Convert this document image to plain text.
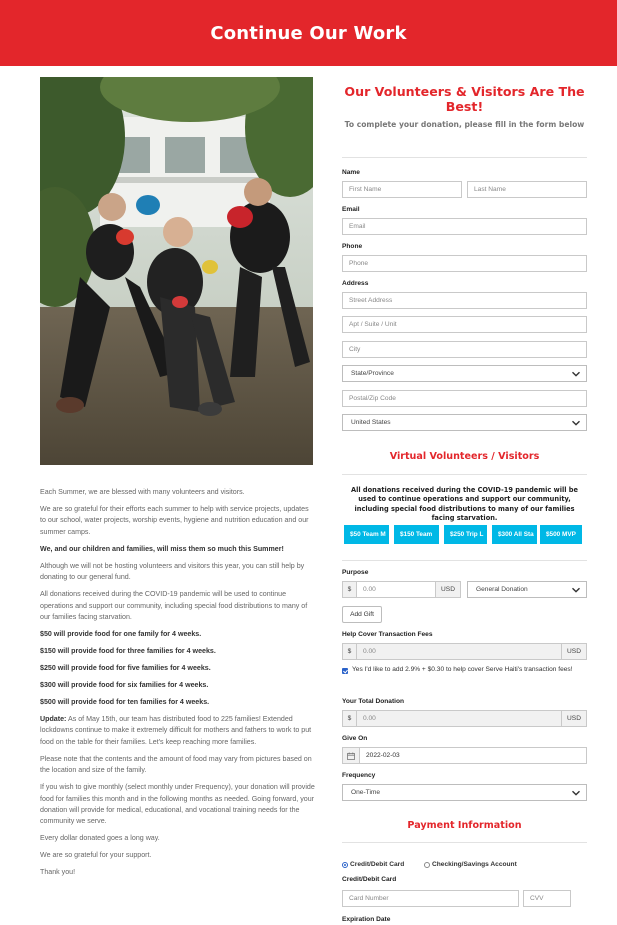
Continue Our Work

Each Summer, we are blessed with many volunteers and visitors.

We are so grateful for their efforts each summer to help with service projects, updates to our school, water projects, worship events, hygiene and nutrition education and our summer camps.

We, and our children and families, will miss them so much this Summer!

Although we will not be hosting volunteers and visitors this year, you can still help by donating to our general fund.

All donations received during the COVID-19 pandemic will be used to continue operations and support our community, including special food distributions to many of our families facing starvation.

$50 will provide food for one family for 4 weeks.

$150 will provide food for three families for 4 weeks.

$250 will provide food for five families for 4 weeks.

$300 will provide food for six families for 4 weeks.

$500 will provide food for ten families for 4 weeks.

Update: As of May 15th, our team has distributed food to 225 families! Extended lockdowns continue to make it extremely difficult for mothers and fathers to work to put food on the table for their families. Let's keep reaching more families.

Please note that the contents and the amount of food may vary from pictures based on the location and size of the family.

If you wish to give monthly (select monthly under Frequency), your donation will provide food for families this month and in the following months as needed. Going forward, your donation will provide for medical, educational, and vocational training needs for the community we serve.

Every dollar donated goes a long way.

We are so grateful for your support.

Thank you!

Our Volunteers & Visitors Are The Best!
To complete your donation, please fill in the form below
Name
First Name	Last Name
Email
Email
Phone
Phone
Address
Street Address
Apt / Suite / Unit
City
State/Province
Postal/Zip Code
United States
Virtual Volunteers / Visitors
All donations received during the COVID-19 pandemic will be used to continue operations and support our community, including special food distributions to many of our families facing starvation.
$50 Team M	$150 Team	$250 Trip L	$300 All Sta	$500 MVP
Purpose
$	0.00	USD	General Donation
Add Gift
Help Cover Transaction Fees
$	0.00	USD
Yes I'd like to add 2.9% + $0.30 to help cover Serve Haiti's transaction fees!
Your Total Donation
$	0.00	USD
Give On
2022-02-03
Frequency
One-Time
Payment Information
Credit/Debit Card	Checking/Savings Account
Credit/Debit Card
Card Number	CVV
Expiration Date
